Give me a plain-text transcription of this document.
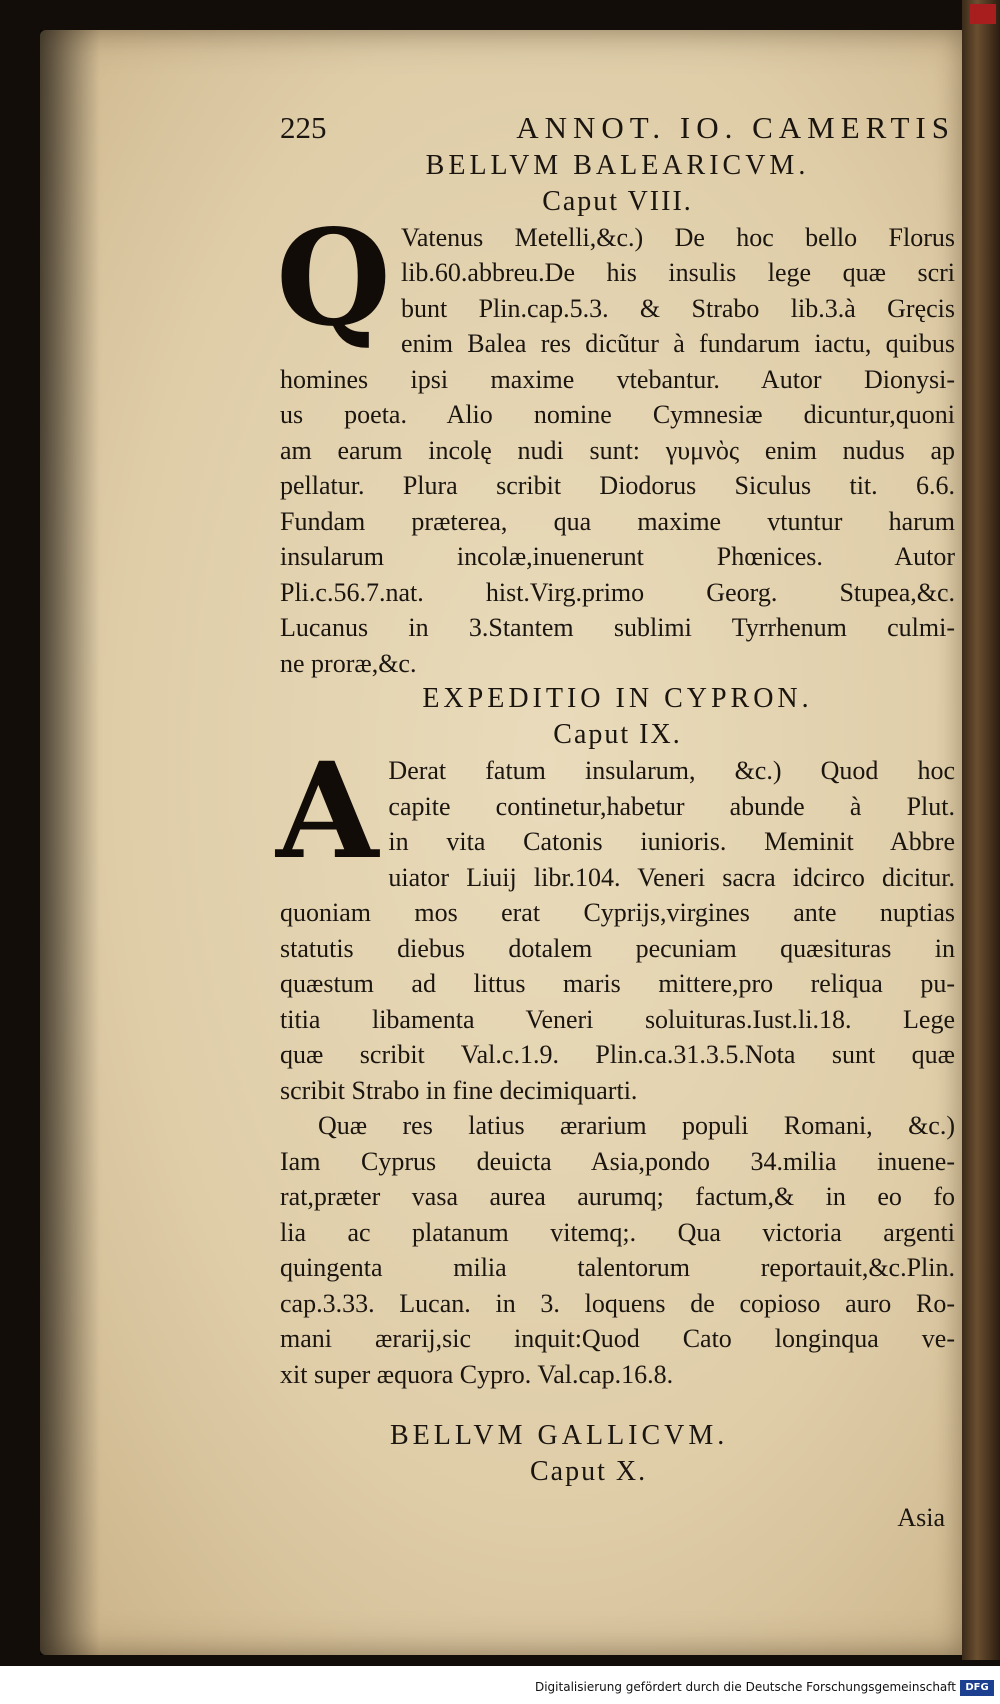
225	ANNOT. IO. CAMERTIS
BELLVM BALEARICVM.
Caput VIII.
Q Vatenus Metelli,&c.) De hoc bello Florus
lib.60.abbreu.De his insulis lege quæ scri
bunt Plin.cap.5.3. & Strabo lib.3.à Gręcis
enim Balea res dicũtur à fundarum iactu, quibus
homines ipsi maxime vtebantur. Autor Dionysi-
us poeta. Alio nomine Cymnesiæ dicuntur,quoni
am earum incolę nudi sunt: γυμνὸς enim nudus ap
pellatur. Plura scribit Diodorus Siculus tit. 6.6.
Fundam præterea, qua maxime vtuntur harum
insularum incolæ,inuenerunt Phœnices. Autor
Pli.c.56.7.nat. hist.Virg.primo Georg. Stupea,&c.
Lucanus in 3.Stantem sublimi Tyrrhenum culmi-
ne proræ,&c.
EXPEDITIO IN CYPRON.
Caput IX.
A Derat fatum insularum, &c.) Quod hoc
capite continetur,habetur abunde à Plut.
in vita Catonis iunioris. Meminit Abbre
uiator Liuij libr.104. Veneri sacra idcirco dicitur.
quoniam mos erat Cyprijs,virgines ante nuptias
statutis diebus dotalem pecuniam quæsituras in
quæstum ad littus maris mittere,pro reliqua pu-
titia libamenta Veneri soluituras.Iust.li.18. Lege
quæ scribit Val.c.1.9. Plin.ca.31.3.5.Nota sunt quæ
scribit Strabo in fine decimiquarti.
Quæ res latius ærarium populi Romani, &c.)
Iam Cyprus deuicta Asia,pondo 34.milia inuene-
rat,præter vasa aurea aurumq; factum,& in eo fo
lia ac platanum vitemq;. Qua victoria argenti
quingenta milia talentorum reportauit,&c.Plin.
cap.3.33. Lucan. in 3. loquens de copioso auro Ro-
mani ærarij,sic inquit:Quod Cato longinqua ve-
xit super æquora Cypro. Val.cap.16.8.
BELLVM GALLICVM.
Caput X.
Asia
Digitalisierung gefördert durch die Deutsche Forschungsgemeinschaft DFG
